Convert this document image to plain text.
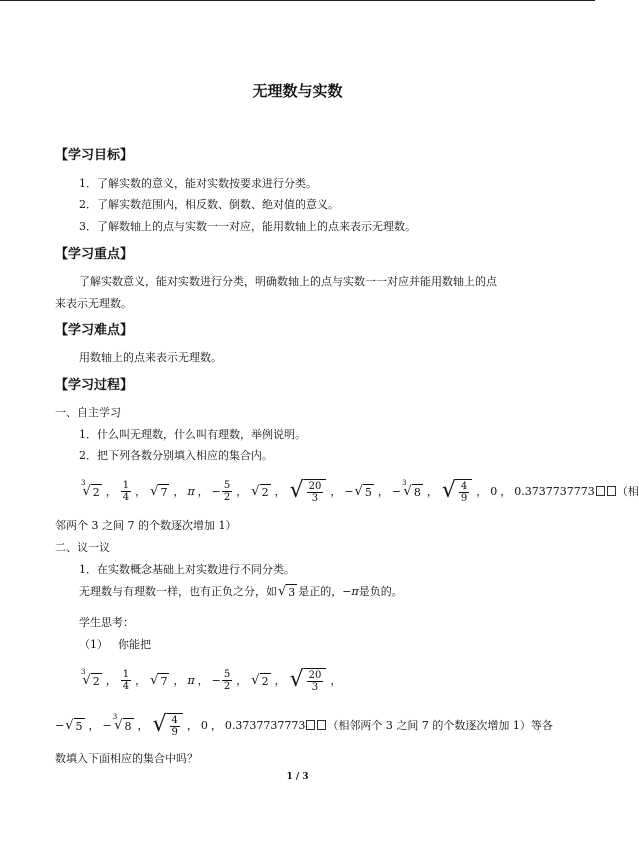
无理数与实数
【学习目标】
1．了解实数的意义，能对实数按要求进行分类。
2．了解实数范围内，相反数、倒数、绝对值的意义。
3．了解数轴上的点与实数一一对应，能用数轴上的点来表示无理数。
【学习重点】
了解实数意义，能对实数进行分类，明确数轴上的点与实数一一对应并能用数轴上的点
来表示无理数。
【学习难点】
用数轴上的点来表示无理数。
【学习过程】
一、自主学习
1．什么叫无理数，什么叫有理数，举例说明。
2．把下列各数分别填入相应的集合内。
3
√ 2 ， $\frac{1}{4}$ ， √ 7 ， π ， − $\frac{5}{2}$ ， √ 2 ， √ $\frac{20}{3}$ ， − √ 5 ， −
3
√ 8 ， √ $\frac{4}{9}$ ， 0 ， 0.3737737773 （相
邻两个 3 之间 7 的个数逐次增加 1）
二、议一议
1．在实数概念基础上对实数进行不同分类。
无理数与有理数一样，也有正负之分，如 √ 3 是正的， −π 是负的。
学生思考：
（1） 你能把
3
√ 2 ， $\frac{1}{4}$ ， √ 7 ， π ， − $\frac{5}{2}$ ， √ 2 ， √ $\frac{20}{3}$ ，
− √ 5 ， −
3
√ 8 ， √ $\frac{4}{9}$ ， 0 ， 0.3737737773 （相邻两个 3 之间 7 的个数逐次增加 1）等各
数填入下面相应的集合中吗？
1 / 3
